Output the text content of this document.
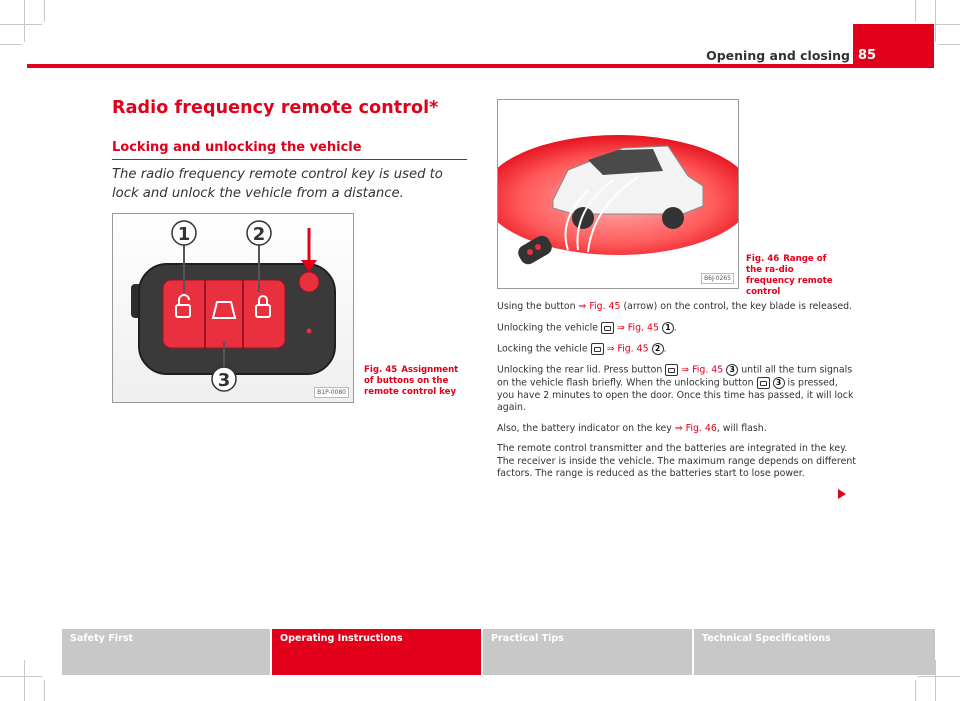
Opening and closing 85
Radio frequency remote control*
Locking and unlocking the vehicle
The radio frequency remote control key is used to lock and unlock the vehicle from a distance.
1	2
3
B1P-0080
Fig. 45 Assignment of buttons on the remote control key
B6J-0265
Fig. 46 Range of the ra-dio frequency remote control

Using the button ⇒ Fig. 45 (arrow) on the control, the key blade is released.

Unlocking the vehicle  ⇒ Fig. 45 1 .

Locking the vehicle  ⇒ Fig. 45 2 .

Unlocking the rear lid. Press button  ⇒ Fig. 45 3 until all the turn signals on the vehicle flash briefly. When the unlocking button	3 is pressed, you have 2 minutes to open the door. Once this time has passed, it will lock again.

Also, the battery indicator on the key ⇒ Fig. 46, will flash.

The remote control transmitter and the batteries are integrated in the key. The receiver is inside the vehicle. The maximum range depends on different factors. The range is reduced as the batteries start to lose power.

Safety First	Operating Instructions	Practical Tips	Technical Specifications
